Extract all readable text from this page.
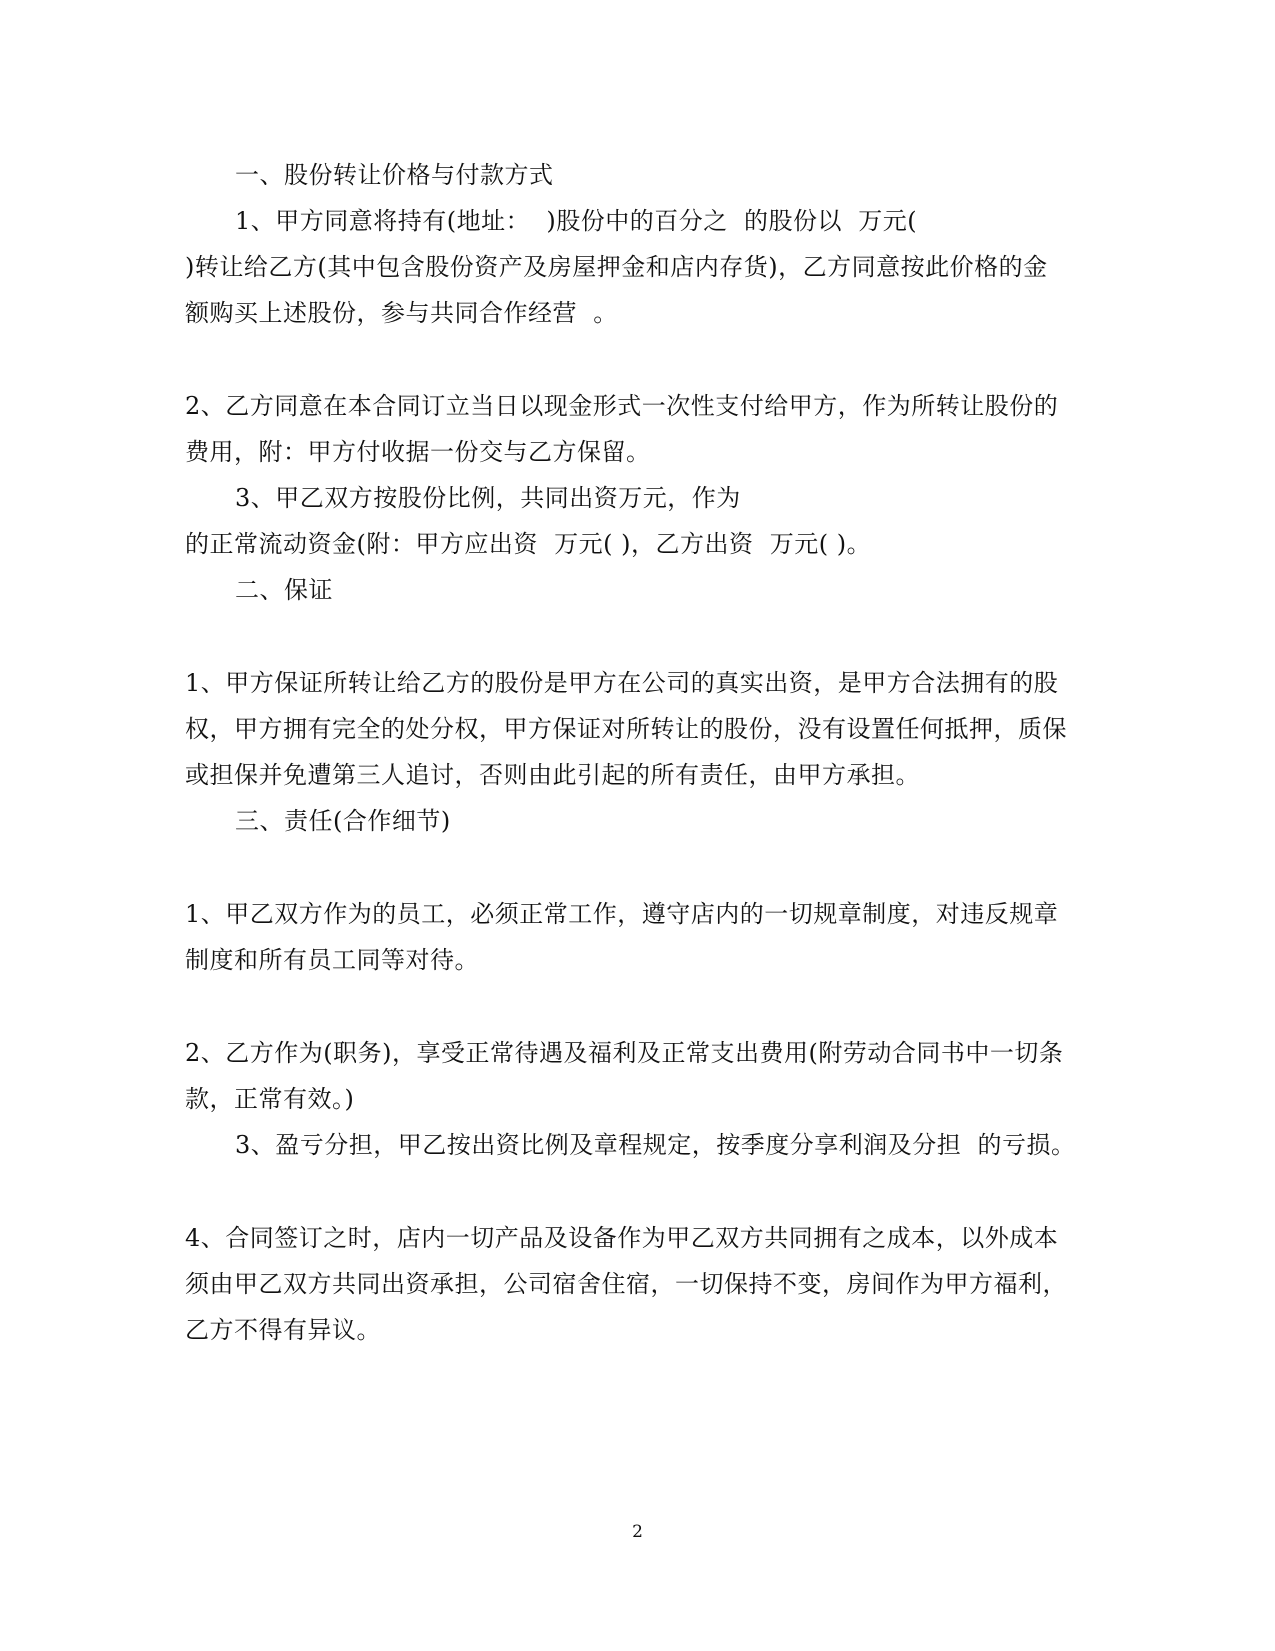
一、股份转让价格与付款方式
1、甲方同意将持有(地址：  )股份中的百分之  的股份以  万元(
)转让给乙方(其中包含股份资产及房屋押金和店内存货)，乙方同意按此价格的金
额购买上述股份，参与共同合作经营  。
2、乙方同意在本合同订立当日以现金形式一次性支付给甲方，作为所转让股份的
费用，附：甲方付收据一份交与乙方保留。
3、甲乙双方按股份比例，共同出资万元，作为
的正常流动资金(附：甲方应出资  万元( )，乙方出资  万元( )。
二、保证
1、甲方保证所转让给乙方的股份是甲方在公司的真实出资，是甲方合法拥有的股
权，甲方拥有完全的处分权，甲方保证对所转让的股份，没有设置任何抵押，质保
或担保并免遭第三人追讨，否则由此引起的所有责任，由甲方承担。
三、责任(合作细节)
1、甲乙双方作为的员工，必须正常工作，遵守店内的一切规章制度，对违反规章
制度和所有员工同等对待。
2、乙方作为(职务)，享受正常待遇及福利及正常支出费用(附劳动合同书中一切条
款，正常有效。)
3、盈亏分担，甲乙按出资比例及章程规定，按季度分享利润及分担  的亏损。
4、合同签订之时，店内一切产品及设备作为甲乙双方共同拥有之成本，以外成本
须由甲乙双方共同出资承担，公司宿舍住宿，一切保持不变，房间作为甲方福利，
乙方不得有异议。
2
